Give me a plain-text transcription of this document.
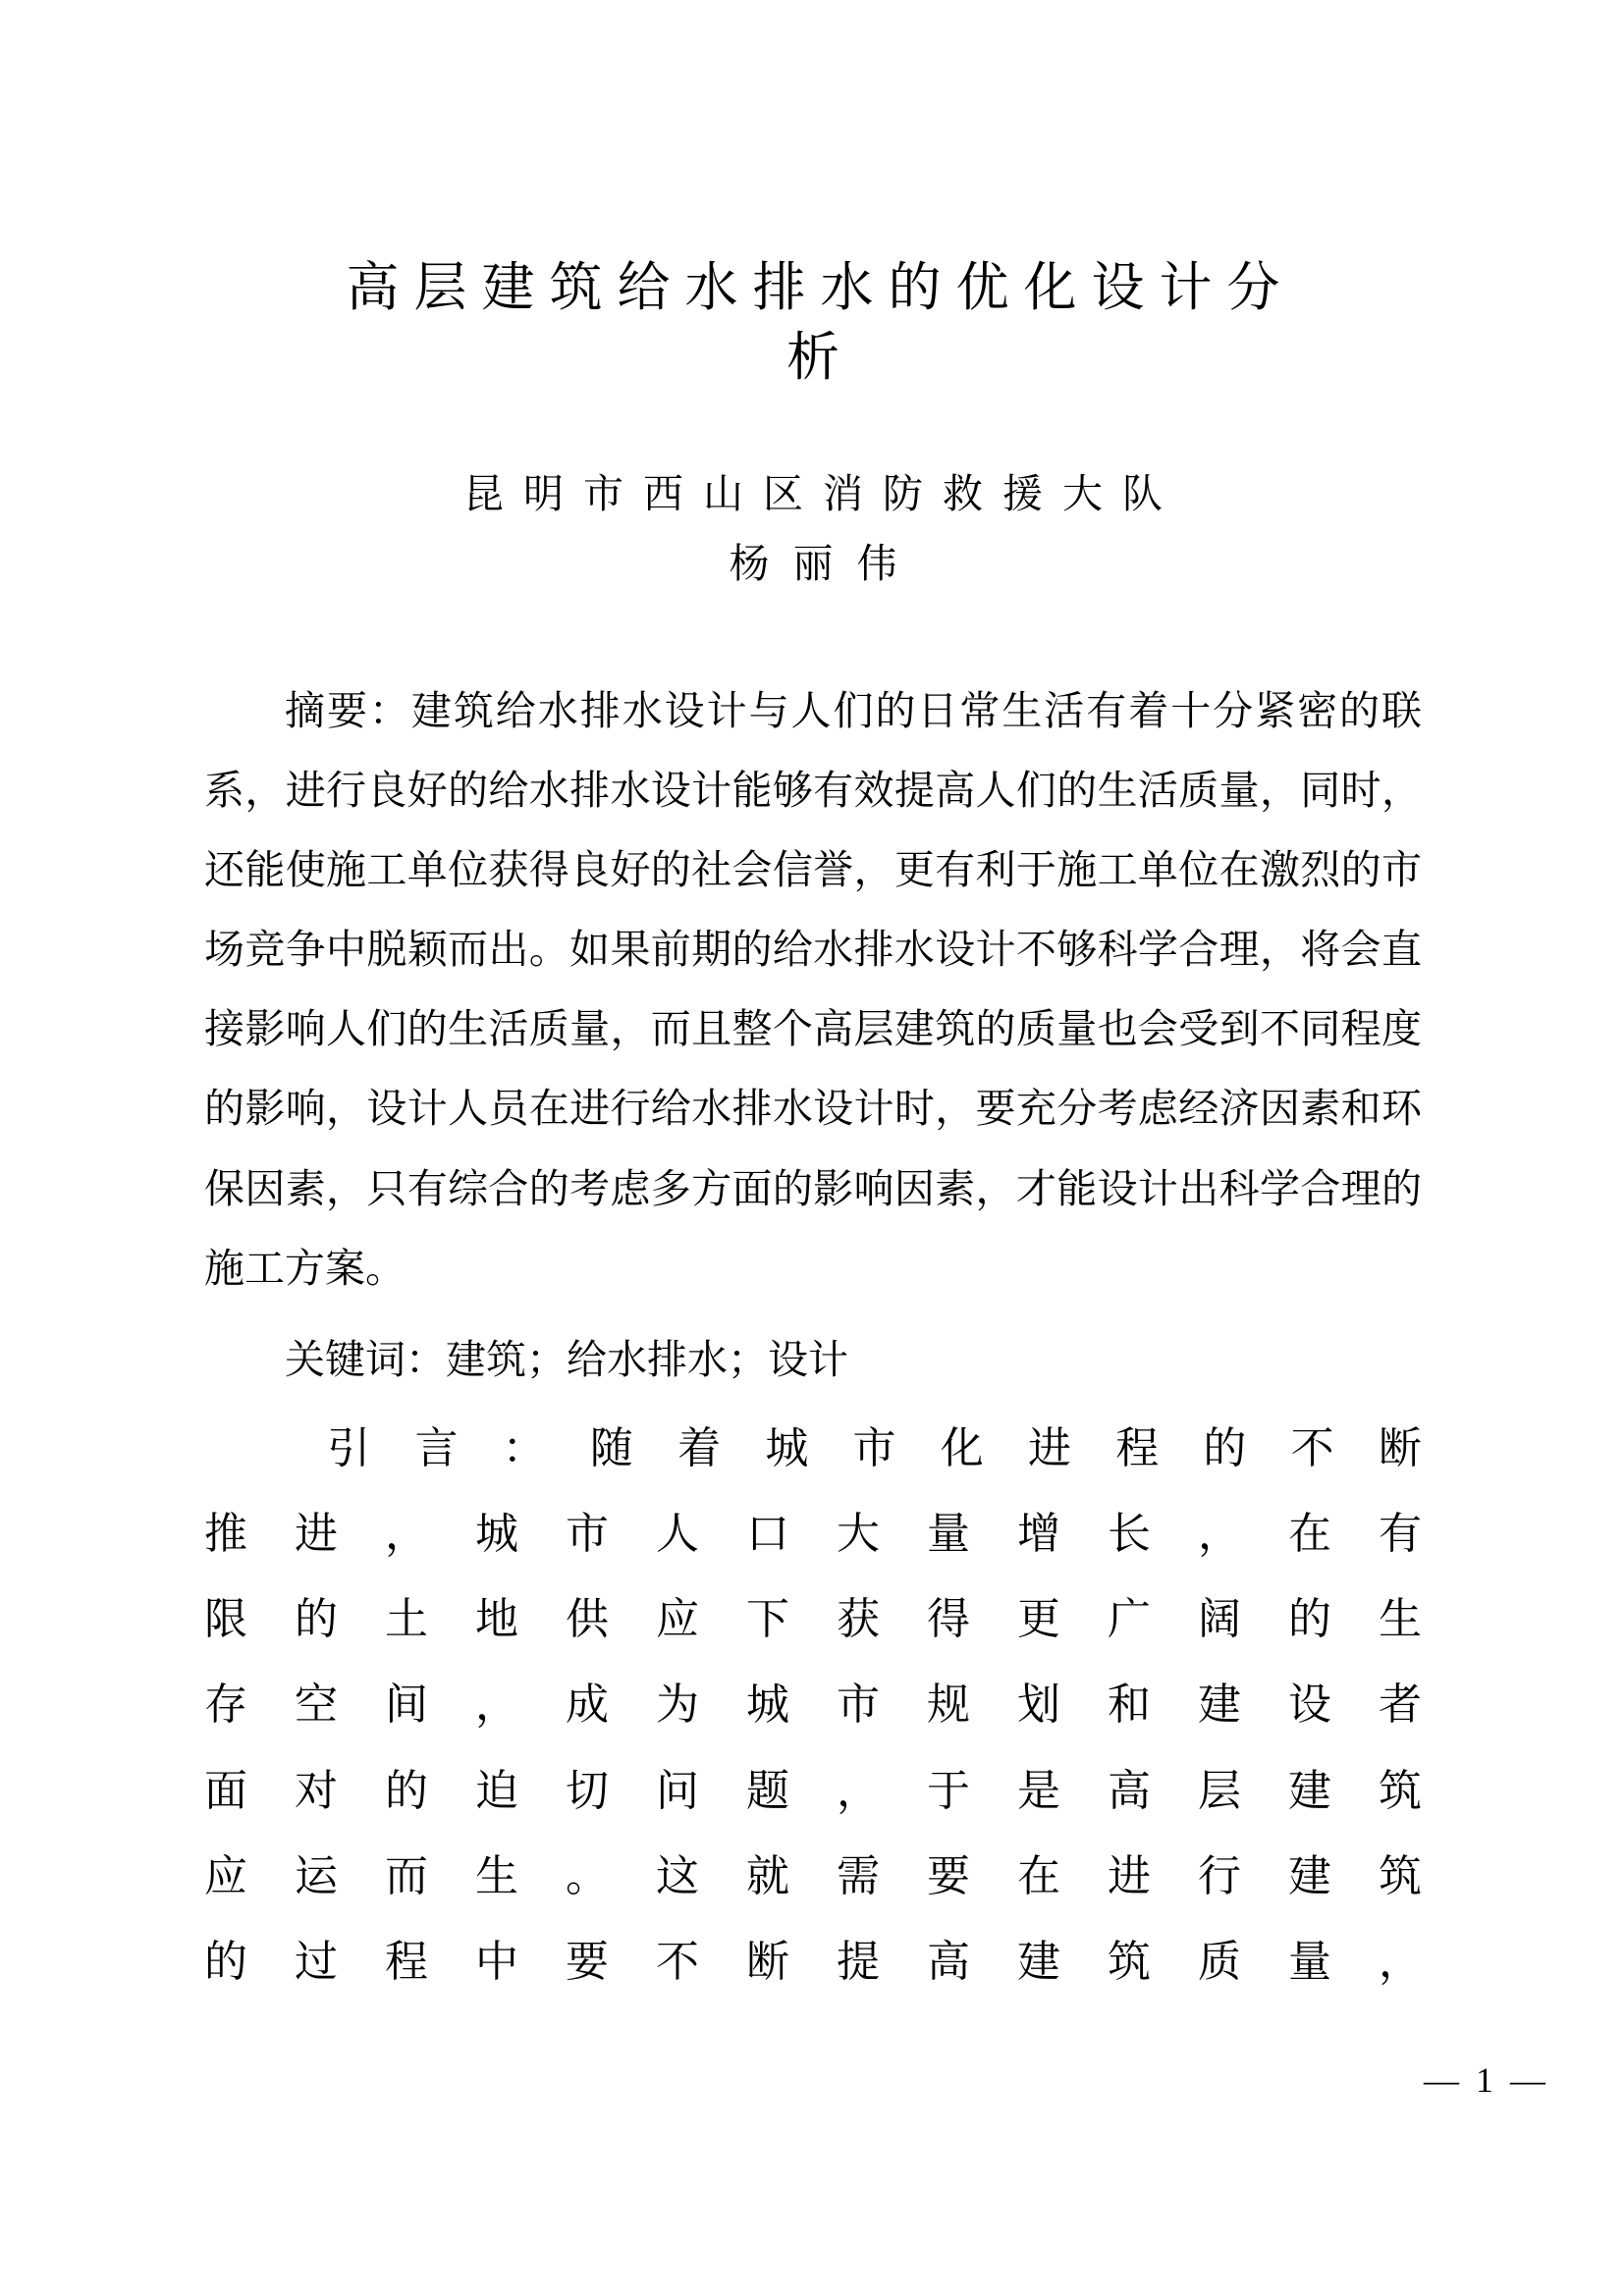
高层建筑给水排水的优化设计分
析

昆明市西山区消防救援大队

杨丽伟

摘要：建筑给水排水设计与人们的日常生活有着十分紧密的联系，进行良好的给水排水设计能够有效提高人们的生活质量，同时，还能使施工单位获得良好的社会信誉，更有利于施工单位在激烈的市场竞争中脱颖而出。如果前期的给水排水设计不够科学合理，将会直接影响人们的生活质量，而且整个高层建筑的质量也会受到不同程度的影响，设计人员在进行给水排水设计时，要充分考虑经济因素和环保因素，只有综合的考虑多方面的影响因素，才能设计出科学合理的施工方案。

关键词：建筑；给水排水；设计

引 言 ： 随 着 城 市 化 进 程 的 不 断
推 进 ， 城 市 人 口 大 量 增 长 ， 在 有
限 的 土 地 供 应 下 获 得 更 广 阔 的 生
存 空 间 ， 成 为 城 市 规 划 和 建 设 者
面 对 的 迫 切 问 题 ， 于 是 高 层 建 筑
应 运 而 生 。 这 就 需 要 在 进 行 建 筑
的 过 程 中 要 不 断 提 高 建 筑 质 量 ，
— 1 —
